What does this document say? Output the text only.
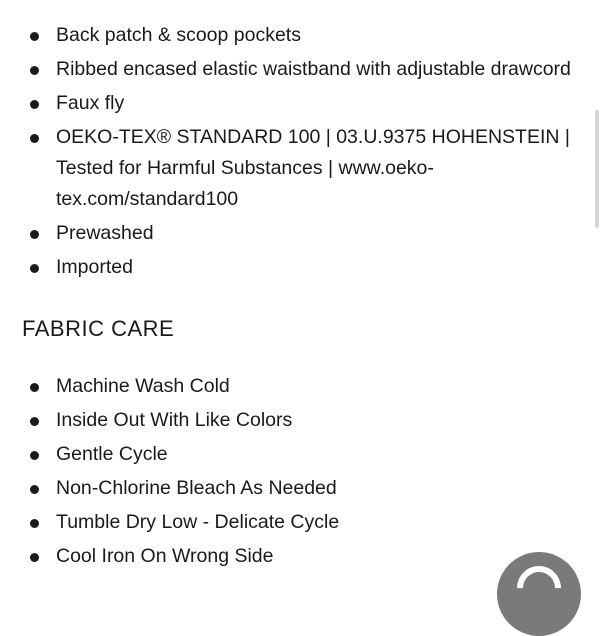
Back patch & scoop pockets
Ribbed encased elastic waistband with adjustable drawcord
Faux fly
OEKO-TEX® STANDARD 100 | 03.U.9375 HOHENSTEIN | Tested for Harmful Substances | www.oeko-tex.com/standard100
Prewashed
Imported
FABRIC CARE
Machine Wash Cold
Inside Out With Like Colors
Gentle Cycle
Non-Chlorine Bleach As Needed
Tumble Dry Low - Delicate Cycle
Cool Iron On Wrong Side
